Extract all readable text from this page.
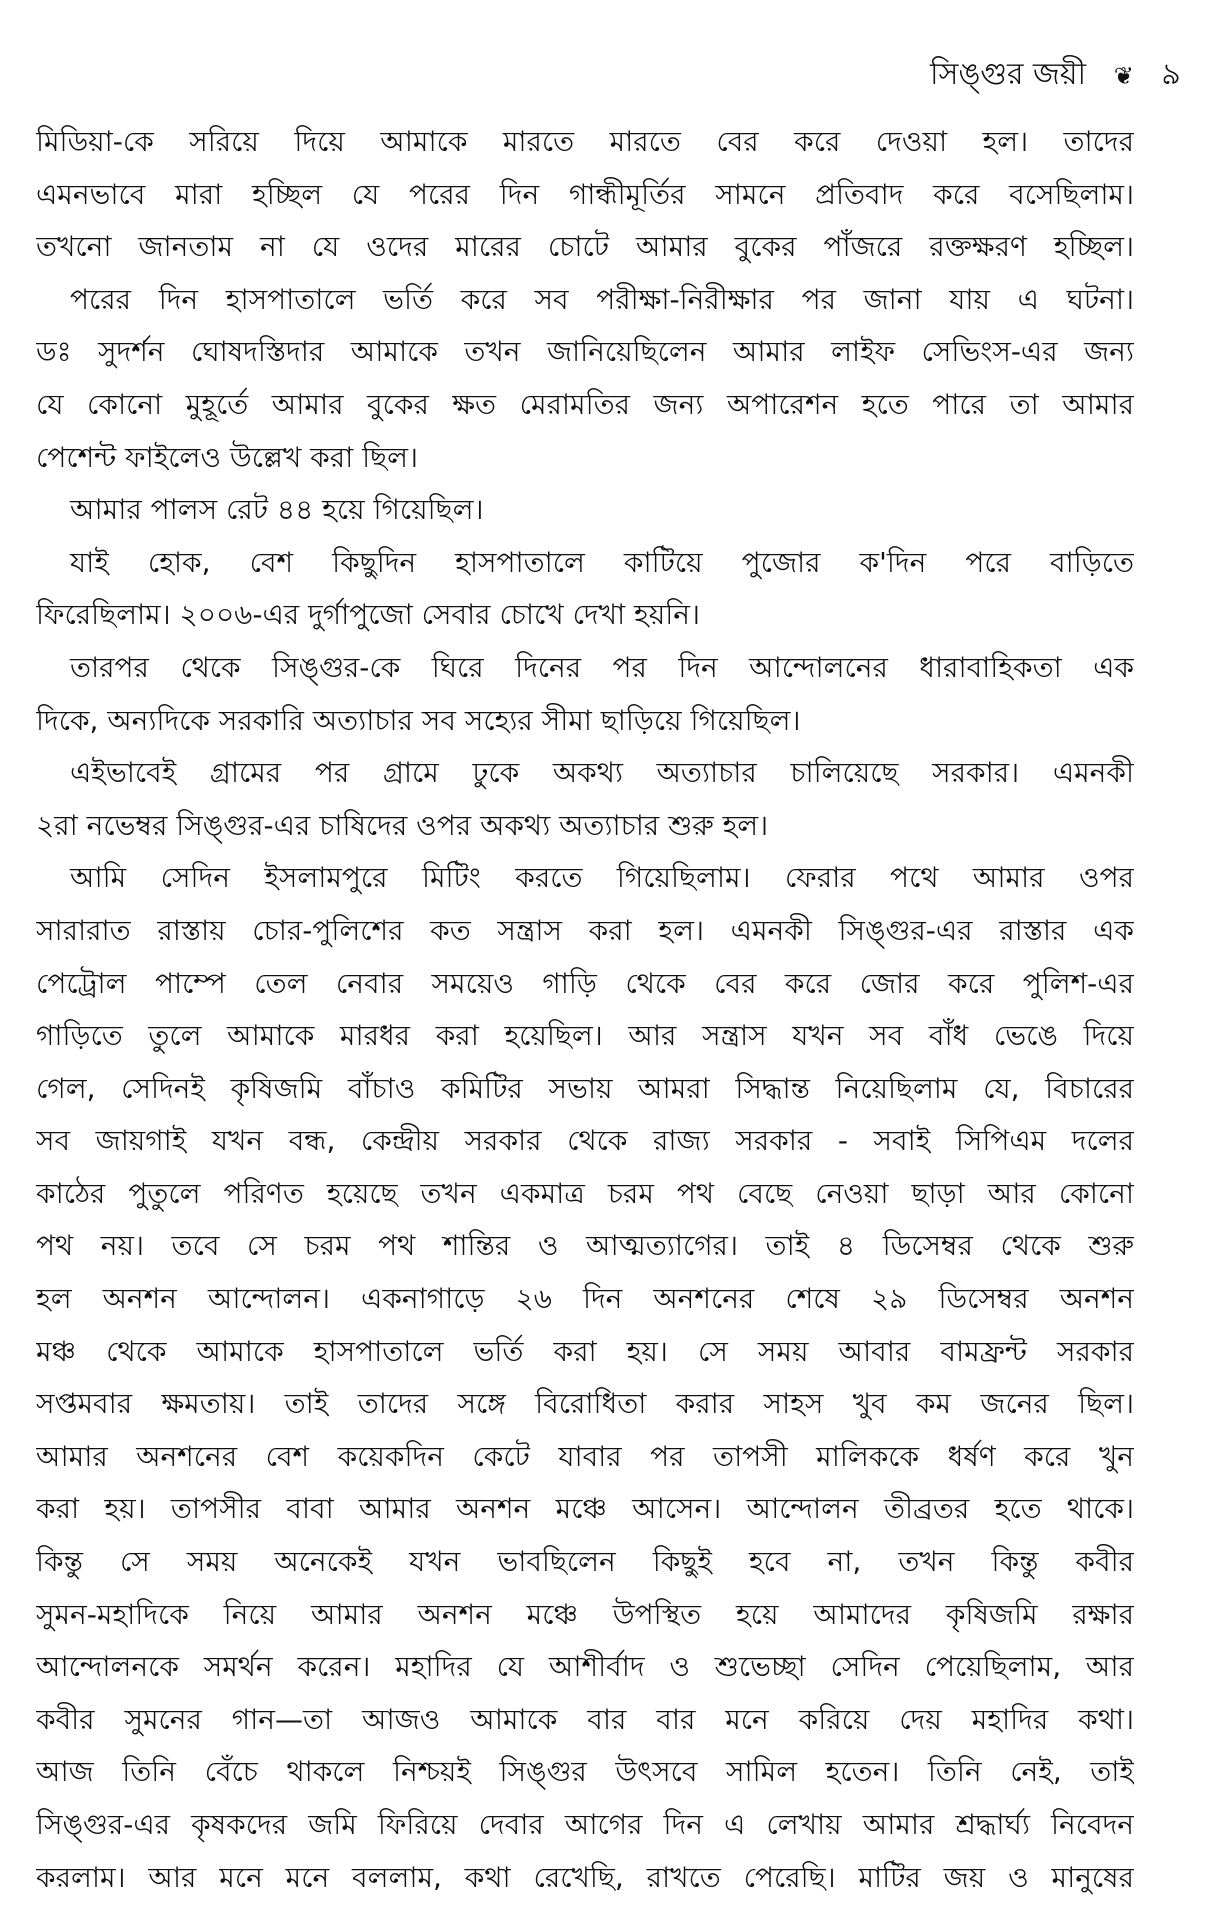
সিঙ্গুর জয়ী ❦ ৯
মিডিয়া-কে সরিয়ে দিয়ে আমাকে মারতে মারতে বের করে দেওয়া হল। তাদের
এমনভাবে মারা হচ্ছিল যে পরের দিন গান্ধীমূর্তির সামনে প্রতিবাদ করে বসেছিলাম।
তখনো জানতাম না যে ওদের মারের চোটে আমার বুকের পাঁজরে রক্তক্ষরণ হচ্ছিল।
পরের দিন হাসপাতালে ভর্তি করে সব পরীক্ষা-নিরীক্ষার পর জানা যায় এ ঘটনা।
ডঃ সুদর্শন ঘোষদস্তিদার আমাকে তখন জানিয়েছিলেন আমার লাইফ সেভিংস-এর জন্য
যে কোনো মুহূর্তে আমার বুকের ক্ষত মেরামতির জন্য অপারেশন হতে পারে তা আমার
পেশেন্ট ফাইলেও উল্লেখ করা ছিল।
আমার পালস রেট ৪৪ হয়ে গিয়েছিল।
যাই হোক, বেশ কিছুদিন হাসপাতালে কাটিয়ে পুজোর ক'দিন পরে বাড়িতে
ফিরেছিলাম। ২০০৬-এর দুর্গাপুজো সেবার চোখে দেখা হয়নি।
তারপর থেকে সিঙ্গুর-কে ঘিরে দিনের পর দিন আন্দোলনের ধারাবাহিকতা এক
দিকে, অন্যদিকে সরকারি অত্যাচার সব সহ্যের সীমা ছাড়িয়ে গিয়েছিল।
এইভাবেই গ্রামের পর গ্রামে ঢুকে অকথ্য অত্যাচার চালিয়েছে সরকার। এমনকী
২রা নভেম্বর সিঙ্গুর-এর চাষিদের ওপর অকথ্য অত্যাচার শুরু হল।
আমি সেদিন ইসলামপুরে মিটিং করতে গিয়েছিলাম। ফেরার পথে আমার ওপর
সারারাত রাস্তায় চোর-পুলিশের কত সন্ত্রাস করা হল। এমনকী সিঙ্গুর-এর রাস্তার এক
পেট্রোল পাম্পে তেল নেবার সময়েও গাড়ি থেকে বের করে জোর করে পুলিশ-এর
গাড়িতে তুলে আমাকে মারধর করা হয়েছিল। আর সন্ত্রাস যখন সব বাঁধ ভেঙে দিয়ে
গেল, সেদিনই কৃষিজমি বাঁচাও কমিটির সভায় আমরা সিদ্ধান্ত নিয়েছিলাম যে, বিচারের
সব জায়গাই যখন বন্ধ, কেন্দ্রীয় সরকার থেকে রাজ্য সরকার - সবাই সিপিএম দলের
কাঠের পুতুলে পরিণত হয়েছে তখন একমাত্র চরম পথ বেছে নেওয়া ছাড়া আর কোনো
পথ নয়। তবে সে চরম পথ শান্তির ও আত্মত্যাগের। তাই ৪ ডিসেম্বর থেকে শুরু
হল অনশন আন্দোলন। একনাগাড়ে ২৬ দিন অনশনের শেষে ২৯ ডিসেম্বর অনশন
মঞ্চ থেকে আমাকে হাসপাতালে ভর্তি করা হয়। সে সময় আবার বামফ্রন্ট সরকার
সপ্তমবার ক্ষমতায়। তাই তাদের সঙ্গে বিরোধিতা করার সাহস খুব কম জনের ছিল।
আমার অনশনের বেশ কয়েকদিন কেটে যাবার পর তাপসী মালিককে ধর্ষণ করে খুন
করা হয়। তাপসীর বাবা আমার অনশন মঞ্চে আসেন। আন্দোলন তীব্রতর হতে থাকে।
কিন্তু সে সময় অনেকেই যখন ভাবছিলেন কিছুই হবে না, তখন কিন্তু কবীর
সুমন-মহাদিকে নিয়ে আমার অনশন মঞ্চে উপস্থিত হয়ে আমাদের কৃষিজমি রক্ষার
আন্দোলনকে সমর্থন করেন। মহাদির যে আশীর্বাদ ও শুভেচ্ছা সেদিন পেয়েছিলাম, আর
কবীর সুমনের গান—তা আজও আমাকে বার বার মনে করিয়ে দেয় মহাদির কথা।
আজ তিনি বেঁচে থাকলে নিশ্চয়ই সিঙ্গুর উৎসবে সামিল হতেন। তিনি নেই, তাই
সিঙ্গুর-এর কৃষকদের জমি ফিরিয়ে দেবার আগের দিন এ লেখায় আমার শ্রদ্ধার্ঘ্য নিবেদন
করলাম। আর মনে মনে বললাম, কথা রেখেছি, রাখতে পেরেছি। মাটির জয় ও মানুষের
